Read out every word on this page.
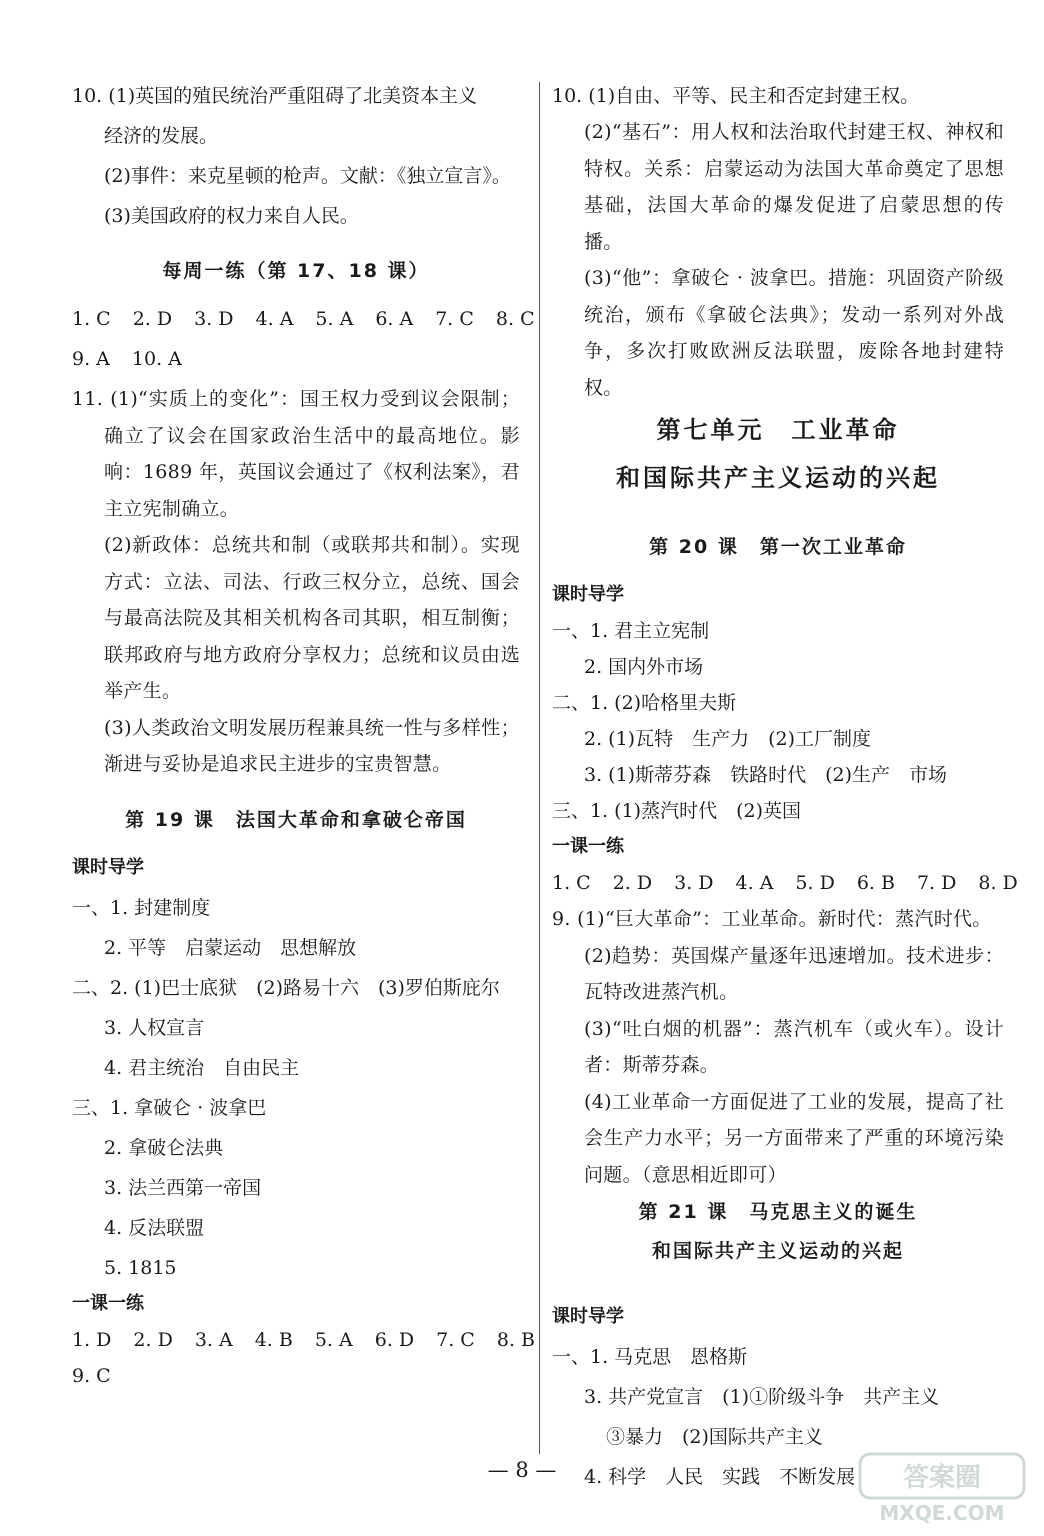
10. (1)英国的殖民统治严重阻碍了北美资本主义
经济的发展。
(2)事件：来克星顿的枪声。文献：《独立宣言》。
(3)美国政府的权力来自人民。
每周一练（第 17、18 课）
1. C 2. D 3. D 4. A 5. A 6. A 7. C 8. C
9. A 10. A
11. (1)“实质上的变化”：国王权力受到议会限制；确立了议会在国家政治生活中的最高地位。影响：1689 年，英国议会通过了《权利法案》，君主立宪制确立。
(2)新政体：总统共和制（或联邦共和制）。实现方式：立法、司法、行政三权分立，总统、国会与最高法院及其相关机构各司其职，相互制衡；联邦政府与地方政府分享权力；总统和议员由选举产生。
(3)人类政治文明发展历程兼具统一性与多样性；渐进与妥协是追求民主进步的宝贵智慧。
第 19 课　法国大革命和拿破仑帝国
课时导学
一、1. 封建制度
2. 平等　启蒙运动　思想解放
二、2. (1)巴士底狱　(2)路易十六　(3)罗伯斯庇尔
3. 人权宣言
4. 君主统治　自由民主
三、1. 拿破仑 · 波拿巴
2. 拿破仑法典
3. 法兰西第一帝国
4. 反法联盟
5. 1815
一课一练
1. D 2. D 3. A 4. B 5. A 6. D 7. C 8. B
9. C
10. (1)自由、平等、民主和否定封建王权。
(2)“基石”：用人权和法治取代封建王权、神权和特权。关系：启蒙运动为法国大革命奠定了思想基础，法国大革命的爆发促进了启蒙思想的传播。
(3)“他”：拿破仑 · 波拿巴。措施：巩固资产阶级统治，颁布《拿破仑法典》；发动一系列对外战争，多次打败欧洲反法联盟，废除各地封建特权。
第七单元　工业革命
和国际共产主义运动的兴起
第 20 课　第一次工业革命
课时导学
一、1. 君主立宪制
2. 国内外市场
二、1. (2)哈格里夫斯
2. (1)瓦特　生产力　(2)工厂制度
3. (1)斯蒂芬森　铁路时代　(2)生产　市场
三、1. (1)蒸汽时代　(2)英国
一课一练
1. C 2. D 3. D 4. A 5. D 6. B 7. D 8. D
9. (1)“巨大革命”：工业革命。新时代：蒸汽时代。
(2)趋势：英国煤产量逐年迅速增加。技术进步：瓦特改进蒸汽机。
(3)“吐白烟的机器”：蒸汽机车（或火车）。设计者：斯蒂芬森。
(4)工业革命一方面促进了工业的发展，提高了社会生产力水平；另一方面带来了严重的环境污染问题。（意思相近即可）
第 21 课　马克思主义的诞生
和国际共产主义运动的兴起
课时导学
一、1. 马克思　恩格斯
3. 共产党宣言　(1)①阶级斗争　共产主义
③暴力　(2)国际共产主义
4. 科学　人民　实践　不断发展
— 8 —	答案圈
MXQE.COM
